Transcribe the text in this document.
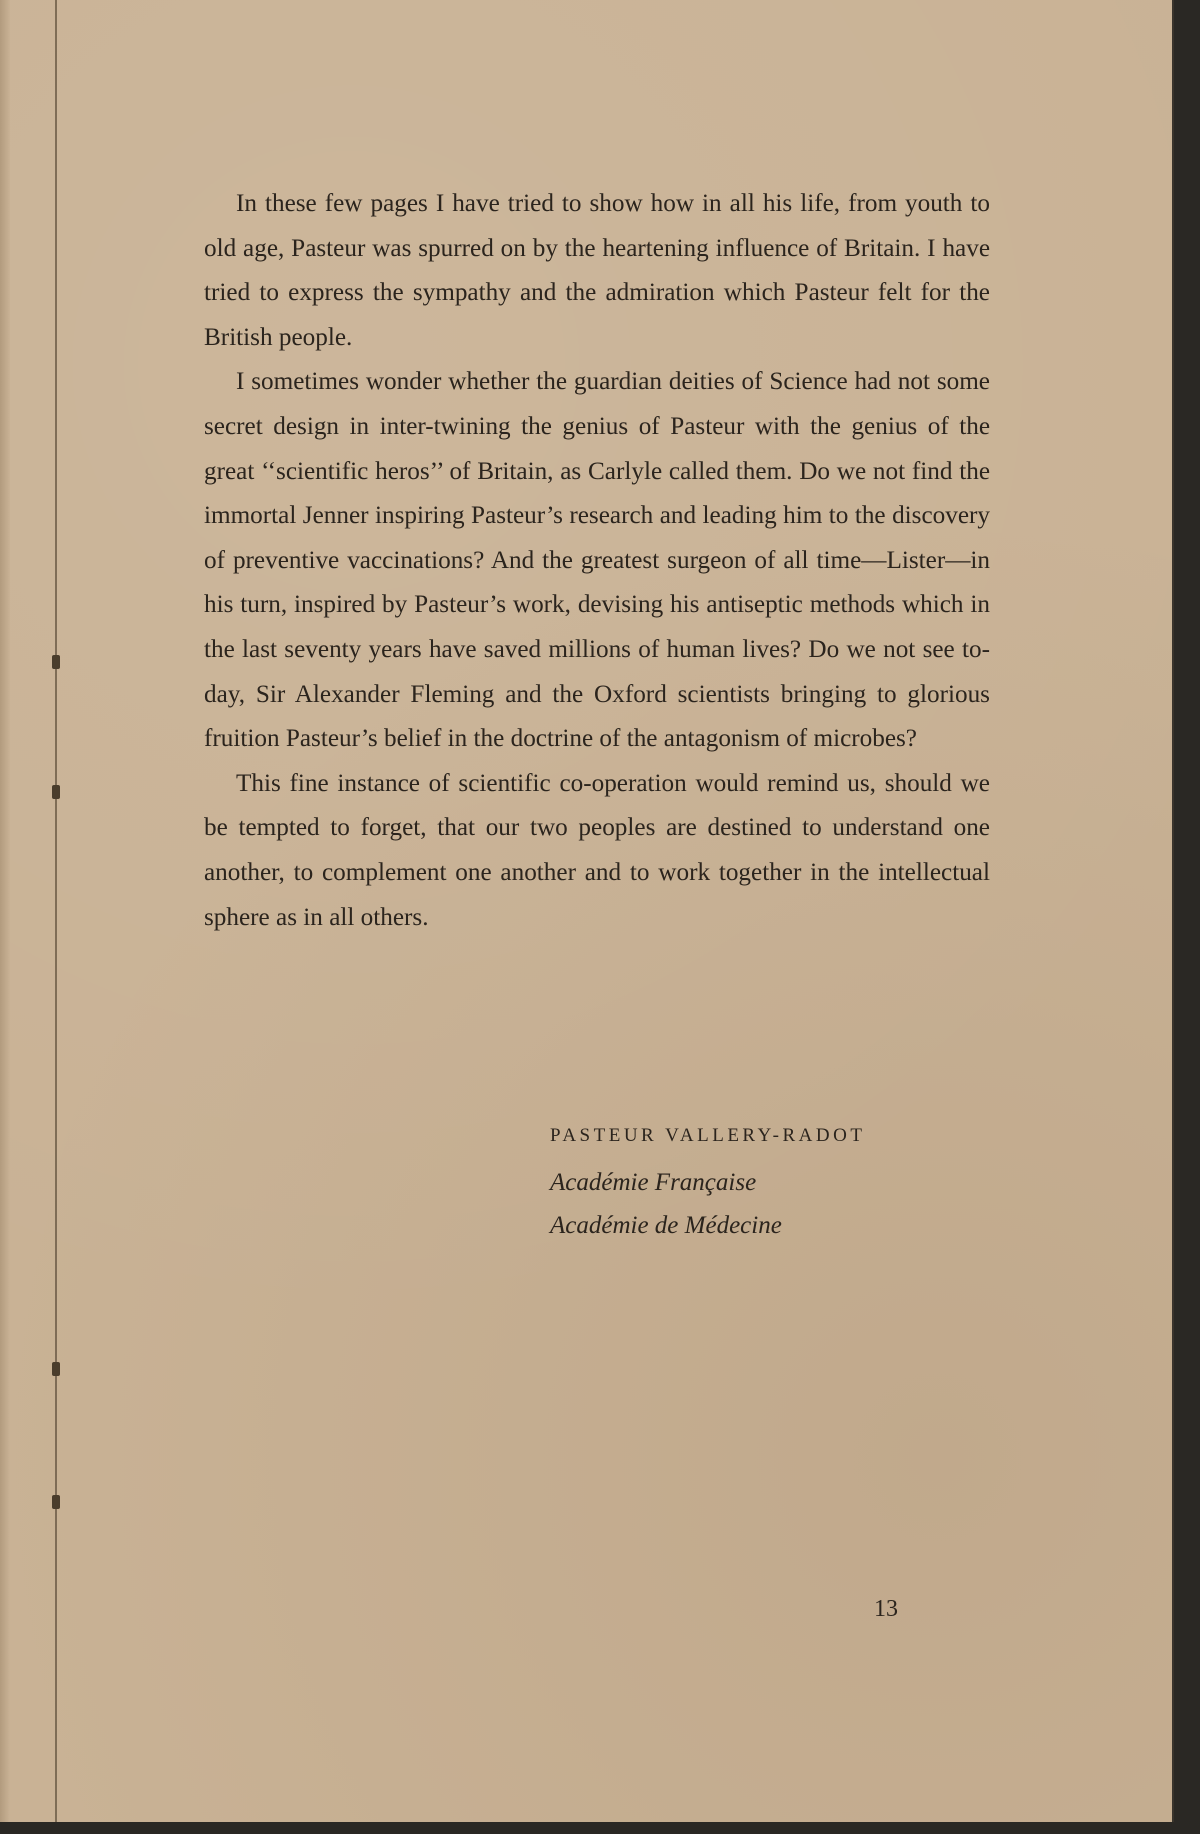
In these few pages I have tried to show how in all his life, from youth to old age, Pasteur was spurred on by the heartening influence of Britain. I have tried to express the sympathy and the admiration which Pasteur felt for the British people.

I sometimes wonder whether the guardian deities of Science had not some secret design in inter-twining the genius of Pasteur with the genius of the great ‘‘scientific heros’’ of Britain, as Carlyle called them. Do we not find the immortal Jenner inspiring Pasteur’s research and leading him to the discovery of preventive vaccinations? And the greatest surgeon of all time—Lister—in his turn, inspired by Pasteur’s work, devising his antiseptic methods which in the last seventy years have saved millions of human lives? Do we not see to-day, Sir Alexander Fleming and the Oxford scientists bringing to glorious fruition Pasteur’s belief in the doctrine of the antagonism of microbes?

This fine instance of scientific co-operation would remind us, should we be tempted to forget, that our two peoples are destined to understand one another, to complement one another and to work together in the intellectual sphere as in all others.

PASTEUR VALLERY-RADOT
Académie Française
Académie de Médecine
13
